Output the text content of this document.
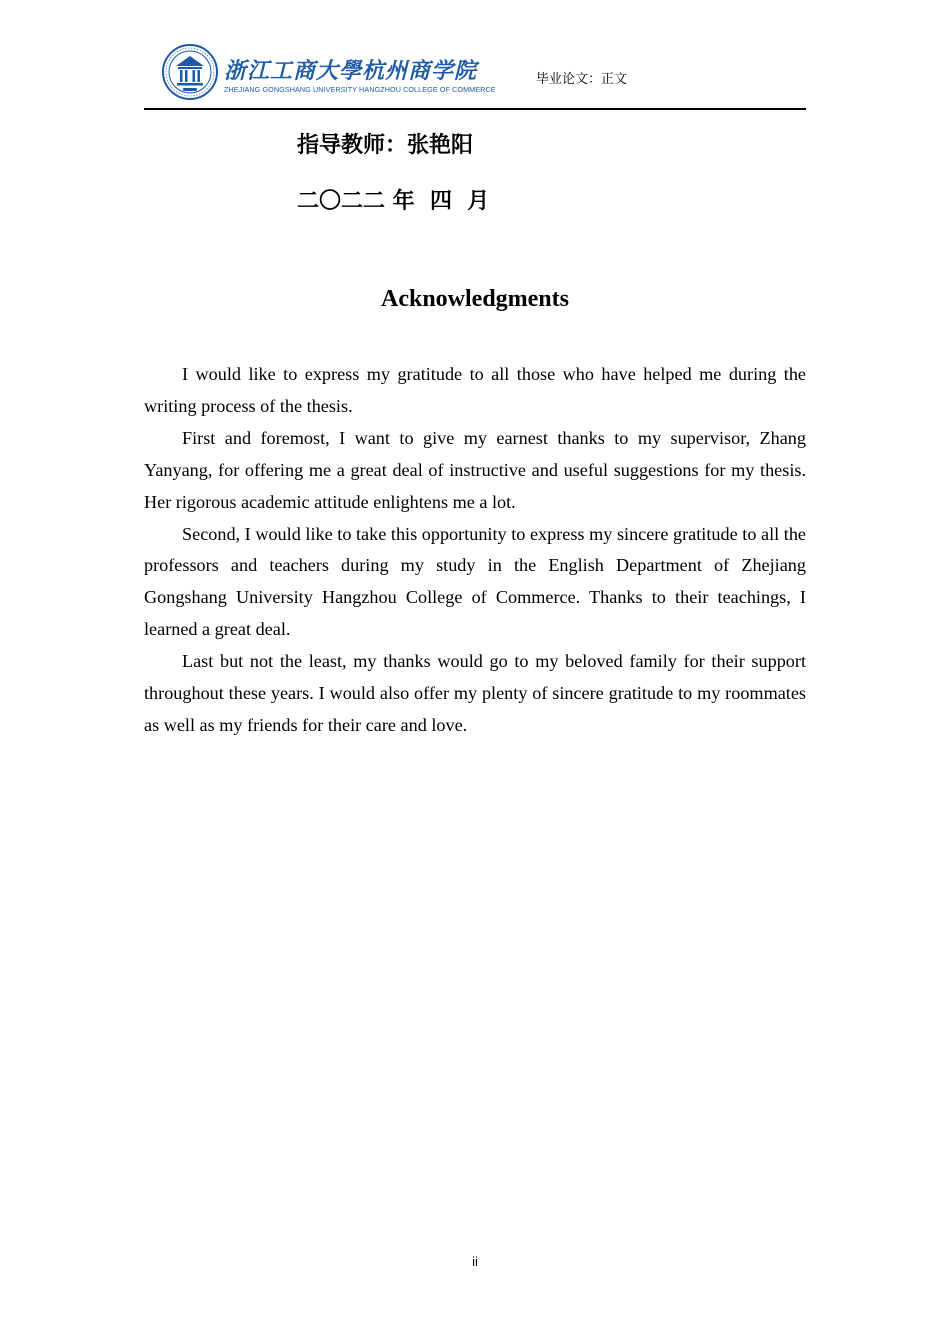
浙江工商大學杭州商学院
ZHEJIANG GONGSHANG UNIVERSITY HANGZHOU COLLEGE OF COMMERCE
毕业论文：正文
指导教师：张艳阳
二〇二二 年  四  月
Acknowledgments

I would like to express my gratitude to all those who have helped me during the writing process of the thesis.

First and foremost, I want to give my earnest thanks to my supervisor, Zhang Yanyang, for offering me a great deal of instructive and useful suggestions for my thesis. Her rigorous academic attitude enlightens me a lot.

Second, I would like to take this opportunity to express my sincere gratitude to all the professors and teachers during my study in the English Department of Zhejiang Gongshang University Hangzhou College of Commerce. Thanks to their teachings, I learned a great deal.

Last but not the least, my thanks would go to my beloved family for their support throughout these years. I would also offer my plenty of sincere gratitude to my roommates as well as my friends for their care and love.

ii
